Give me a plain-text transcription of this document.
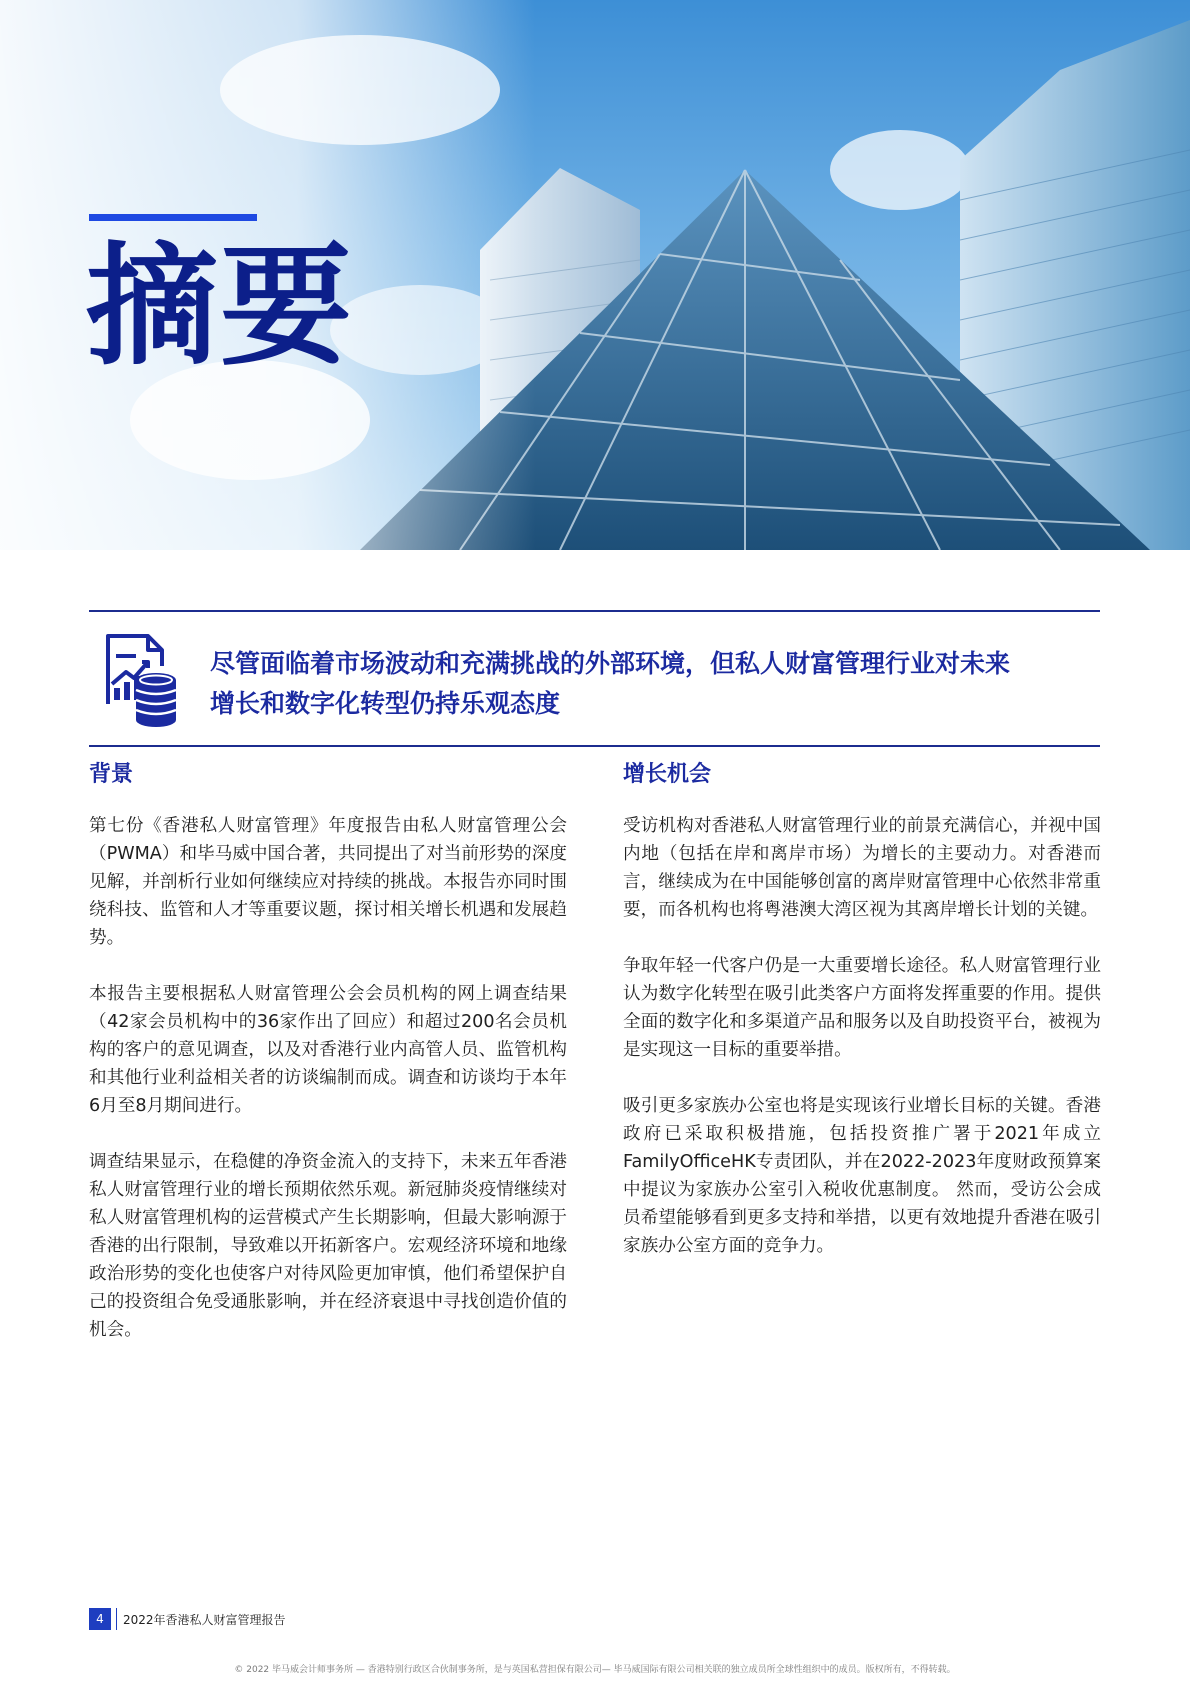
摘要
尽管面临着市场波动和充满挑战的外部环境，但私人财富管理行业对未来
增长和数字化转型仍持乐观态度
背景

第七份《香港私人财富管理》年度报告由私人财富管理公会（PWMA）和毕马威中国合著，共同提出了对当前形势的深度见解，并剖析行业如何继续应对持续的挑战。本报告亦同时围绕科技、监管和人才等重要议题，探讨相关增长机遇和发展趋势。

本报告主要根据私人财富管理公会会员机构的网上调查结果（42家会员机构中的36家作出了回应）和超过200名会员机构的客户的意见调查，以及对香港行业内高管人员、监管机构和其他行业利益相关者的访谈编制而成。调查和访谈均于本年6月至8月期间进行。

调查结果显示，在稳健的净资金流入的支持下，未来五年香港私人财富管理行业的增长预期依然乐观。新冠肺炎疫情继续对私人财富管理机构的运营模式产生长期影响，但最大影响源于香港的出行限制，导致难以开拓新客户。宏观经济环境和地缘政治形势的变化也使客户对待风险更加审慎，他们希望保护自己的投资组合免受通胀影响，并在经济衰退中寻找创造价值的机会。

增长机会

受访机构对香港私人财富管理行业的前景充满信心，并视中国内地（包括在岸和离岸市场）为增长的主要动力。对香港而言，继续成为在中国能够创富的离岸财富管理中心依然非常重要，而各机构也将粤港澳大湾区视为其离岸增长计划的关键。

争取年轻一代客户仍是一大重要增长途径。私人财富管理行业认为数字化转型在吸引此类客户方面将发挥重要的作用。提供全面的数字化和多渠道产品和服务以及自助投资平台，被视为是实现这一目标的重要举措。

吸引更多家族办公室也将是实现该行业增长目标的关键。香港政府已采取积极措施，包括投资推广署于2021年成立FamilyOfficeHK专责团队，并在2022-2023年度财政预算案中提议为家族办公室引入税收优惠制度。 然而，受访公会成员希望能够看到更多支持和举措，以更有效地提升香港在吸引家族办公室方面的竞争力。

4	2022年香港私人财富管理报告
© 2022 毕马威会计师事务所 — 香港特别行政区合伙制事务所，是与英国私营担保有限公司— 毕马威国际有限公司相关联的独立成员所全球性组织中的成员。版权所有，不得转载。
